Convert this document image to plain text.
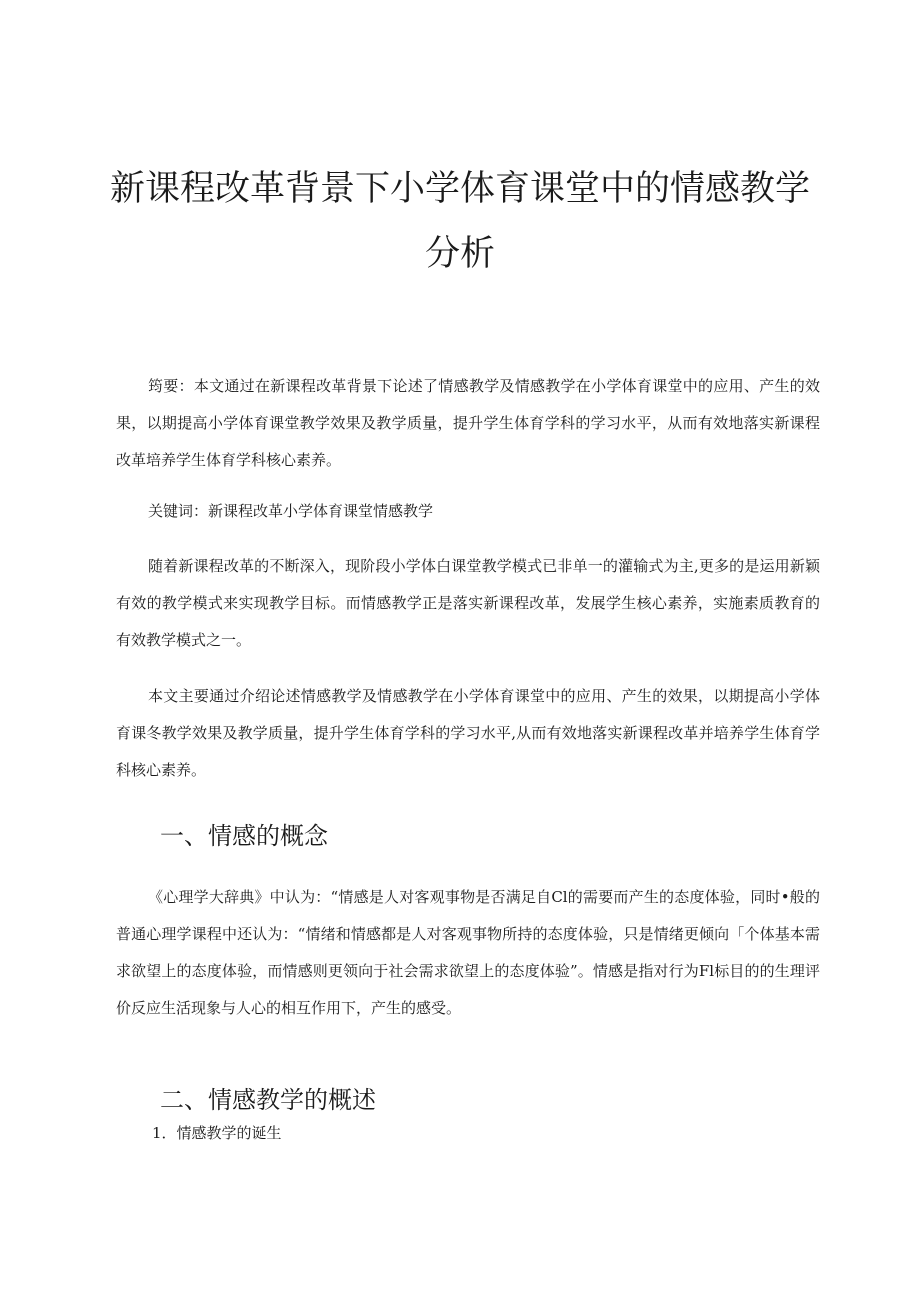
新课程改革背景下小学体育课堂中的情感教学
分析

筠要：本文通过在新课程改革背景下论述了情感教学及情感教学在小学体育课堂中的应用、产生的效果，以期提高小学体育课堂教学效果及教学质量，提升学生体育学科的学习水平，从而有效地落实新课程改革培养学生体育学科核心素养。

关键词：新课程改革小学体育课堂情感教学

随着新课程改革的不断深入，现阶段小学体白课堂教学模式已非单一的灌输式为主,更多的是运用新颖有效的教学模式来实现教学目标。而情感教学正是落实新课程改革，发展学生核心素养，实施素质教育的有效教学模式之一。

本文主要通过介绍论述情感教学及情感教学在小学体育课堂中的应用、产生的效果，以期提高小学体育课冬教学效果及教学质量，提升学生体育学科的学习水平,从而有效地落实新课程改革并培养学生体育学科核心素养。

一、情感的概念

《心理学大辞典》中认为：“情感是人对客观事物是否满足自Cl的需要而产生的态度体验，同时•般的普通心理学课程中还认为：“情绪和情感都是人对客观事物所持的态度体验，只是情绪更倾向「个体基本需求欲望上的态度体验，而情感则更领向于社会需求欲望上的态度体验”。情感是指对行为Fl标目的的生理评价反应生活现象与人心的相互作用下，产生的感受。

二、情感教学的概述

1．情感教学的诞生
